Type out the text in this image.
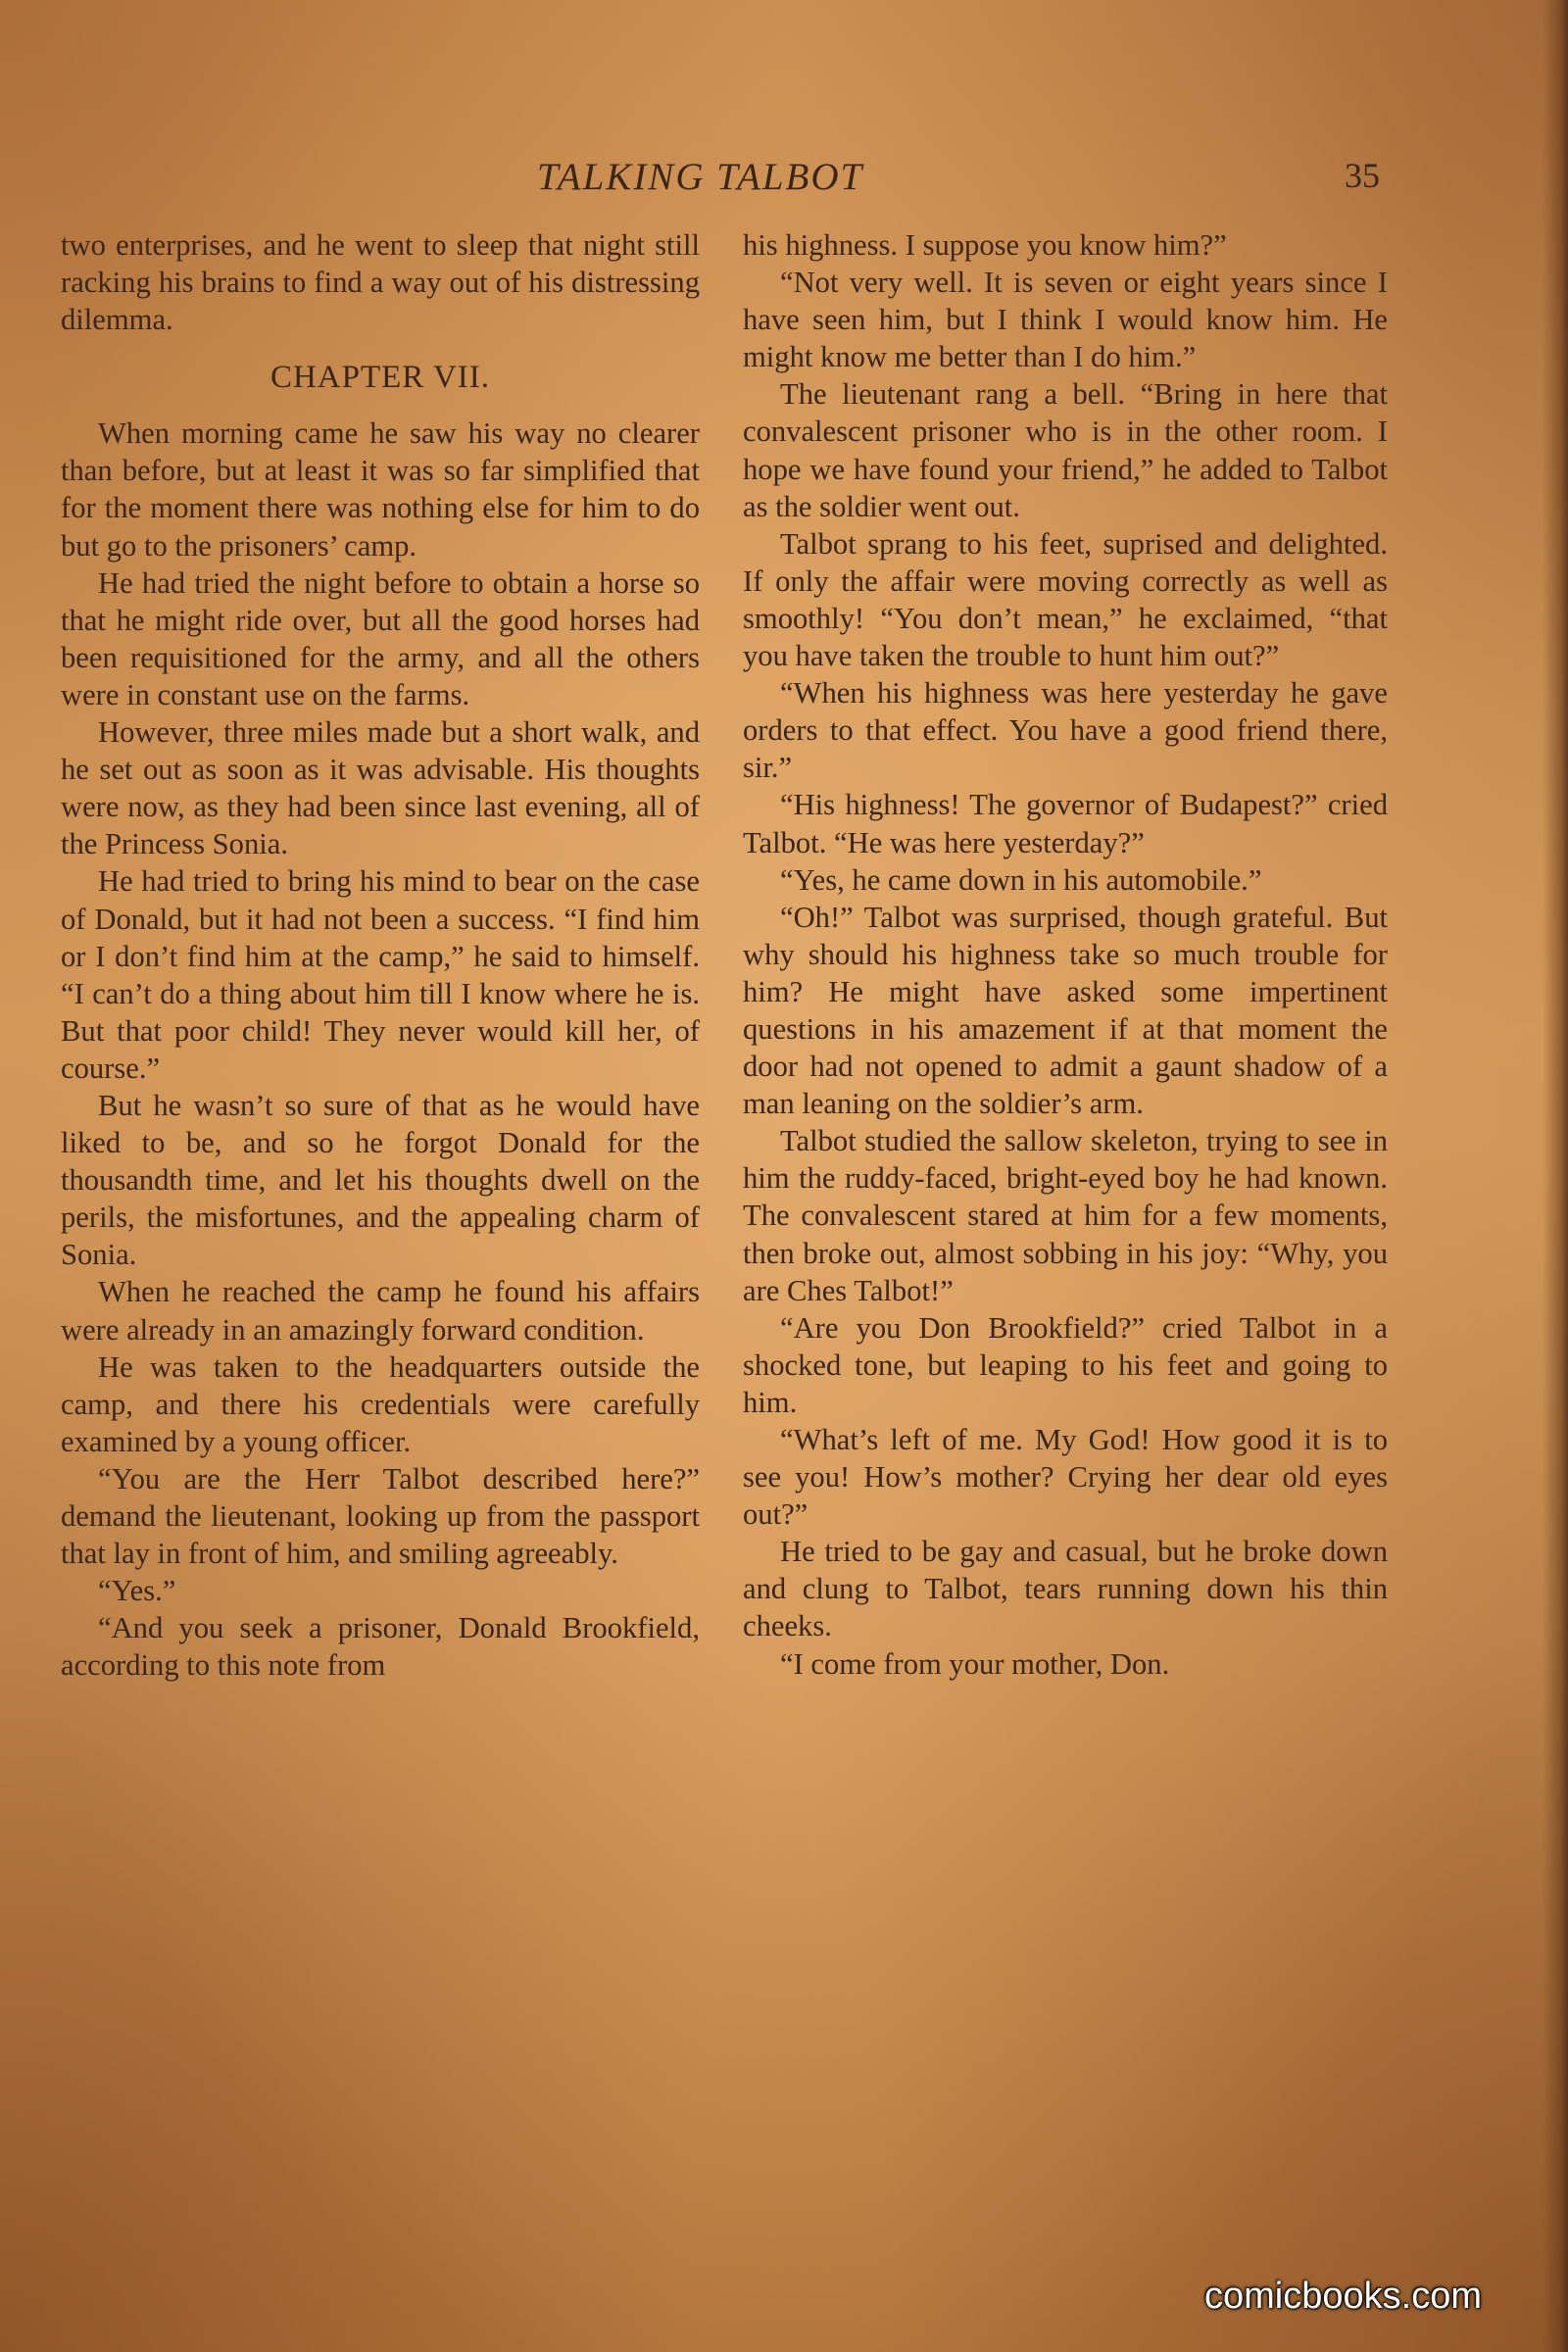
TALKING TALBOT	35

two enterprises, and he went to sleep that night still racking his brains to find a way out of his distressing dilemma.

CHAPTER VII.

When morning came he saw his way no clearer than before, but at least it was so far simplified that for the moment there was nothing else for him to do but go to the prisoners’ camp.

He had tried the night before to obtain a horse so that he might ride over, but all the good horses had been requisitioned for the army, and all the others were in constant use on the farms.

However, three miles made but a short walk, and he set out as soon as it was advisable. His thoughts were now, as they had been since last evening, all of the Princess Sonia.

He had tried to bring his mind to bear on the case of Donald, but it had not been a success. “I find him or I don’t find him at the camp,” he said to himself. “I can’t do a thing about him till I know where he is. But that poor child! They never would kill her, of course.”

But he wasn’t so sure of that as he would have liked to be, and so he forgot Donald for the thousandth time, and let his thoughts dwell on the perils, the misfortunes, and the appealing charm of Sonia.

When he reached the camp he found his affairs were already in an amazingly forward condition.

He was taken to the headquarters outside the camp, and there his credentials were carefully examined by a young officer.

“You are the Herr Talbot described here?” demand the lieutenant, looking up from the passport that lay in front of him, and smiling agreeably.

“Yes.”

“And you seek a prisoner, Donald Brookfield, according to this note from

his highness. I suppose you know him?”

“Not very well. It is seven or eight years since I have seen him, but I think I would know him. He might know me better than I do him.”

The lieutenant rang a bell. “Bring in here that convalescent prisoner who is in the other room. I hope we have found your friend,” he added to Talbot as the soldier went out.

Talbot sprang to his feet, suprised and delighted. If only the affair were moving correctly as well as smoothly! “You don’t mean,” he exclaimed, “that you have taken the trouble to hunt him out?”

“When his highness was here yesterday he gave orders to that effect. You have a good friend there, sir.”

“His highness! The governor of Budapest?” cried Talbot. “He was here yesterday?”

“Yes, he came down in his automobile.”

“Oh!” Talbot was surprised, though grateful. But why should his highness take so much trouble for him? He might have asked some impertinent questions in his amazement if at that moment the door had not opened to admit a gaunt shadow of a man leaning on the soldier’s arm.

Talbot studied the sallow skeleton, trying to see in him the ruddy-faced, bright-eyed boy he had known. The convalescent stared at him for a few moments, then broke out, almost sobbing in his joy: “Why, you are Ches Talbot!”

“Are you Don Brookfield?” cried Talbot in a shocked tone, but leaping to his feet and going to him.

“What’s left of me. My God! How good it is to see you! How’s mother? Crying her dear old eyes out?”

He tried to be gay and casual, but he broke down and clung to Talbot, tears running down his thin cheeks.

“I come from your mother, Don.

comicbooks.com
